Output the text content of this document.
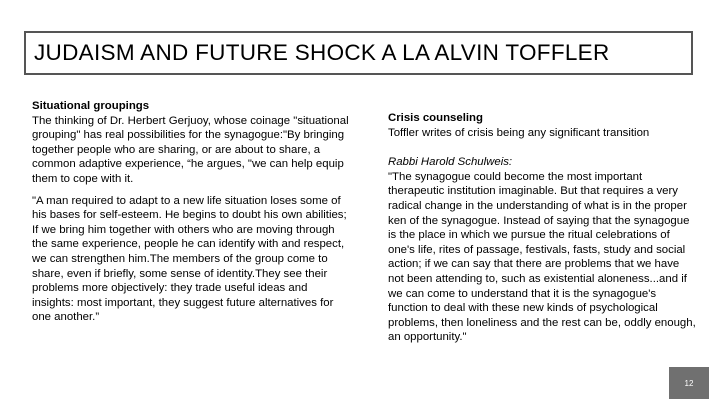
JUDAISM AND FUTURE SHOCK A LA ALVIN TOFFLER

Situational groupings

The thinking of Dr. Herbert Gerjuoy, whose coinage "situational grouping" has real possibilities for the synagogue:"By bringing together people who are sharing, or are about to share, a common adaptive experience, “he argues, "we can help equip them to cope with it.

"A man required to adapt to a new life situation loses some of his bases for self-esteem. He begins to doubt his own abilities; If we bring him together with others who are moving through the same experience, people he can identify with and respect, we can strengthen him.The members of the group come to share, even if briefly, some sense of identity.They see their problems more objectively: they trade useful ideas and insights: most important, they suggest future alternatives for one another.”

Crisis counseling

Toffler writes of crisis being any significant transition

Rabbi Harold Schulweis:

"The synagogue could become the most important therapeutic institution imaginable. But that requires a very radical change in the understanding of what is in the proper ken of the synagogue. Instead of saying that the synagogue is the place in which we pursue the ritual celebrations of one's life, rites of passage, festivals, fasts, study and social action; if we can say that there are problems that we have not been attending to, such as existential aloneness...and if we can come to understand that it is the synagogue's function to deal with these new kinds of psychological problems, then loneliness and the rest can be, oddly enough, an opportunity."

12
